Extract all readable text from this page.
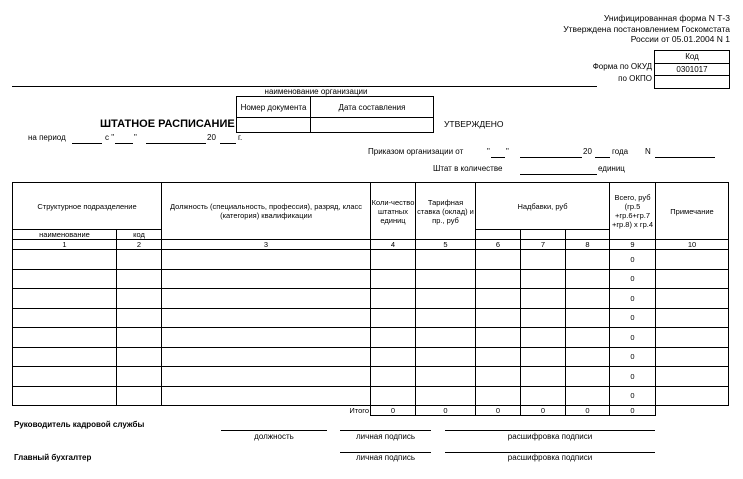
Унифицированная форма N Т-3
Утверждена постановлением Госкомстата
России от 05.01.2004 N 1
Форма по ОКУД
по ОКПО
Код
0301017
наименование организации
ШТАТНОЕ РАСПИСАНИЕ
Номер документа	Дата составления

УТВЕРЖДЕНО
на период	с " "	20	г.
Приказом организации от	" "	20	года N
Штат в количестве	единиц
Структурное подразделение		Должность (специальность, профессия), разряд, класс (категория) квалификации	Коли-чество штатных единиц	Тарифная ставка (оклад) и пр., руб	Надбавки, руб			Всего, руб (гр.5 +гр.6+гр.7 +гр.8) х гр.4	Примечание
наименование	код								
1	2	3	4	5	6	7	8	9	10
								0	
								0	
								0	
								0	
								0	
								0	
								0	
								0	
		Итого	0	0	0	0	0	0	
Руководитель кадровой службы
должность	личная подпись	расшифровка подписи
Главный бухгалтер	личная подпись	расшифровка подписи
